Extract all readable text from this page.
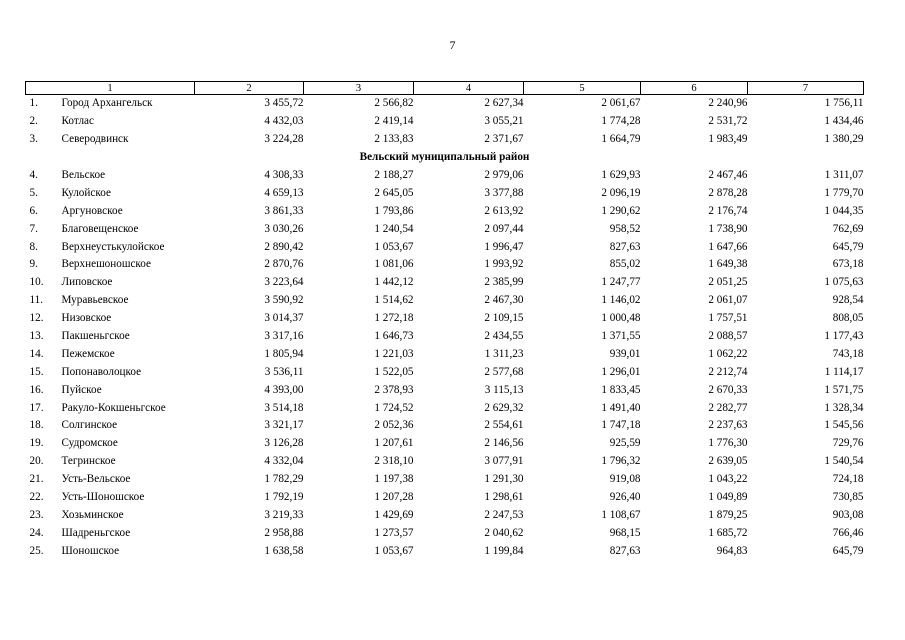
7
1	2	3	4	5	6	7
1. Город Архангельск	3 455,72	2 566,82	2 627,34	2 061,67	2 240,96	1 756,11
2. Котлас	4 432,03	2 419,14	3 055,21	1 774,28	2 531,72	1 434,46
3. Северодвинск	3 224,28	2 133,83	2 371,67	1 664,79	1 983,49	1 380,29
Вельский муниципальный район						
4. Вельское	4 308,33	2 188,27	2 979,06	1 629,93	2 467,46	1 311,07
5. Кулойское	4 659,13	2 645,05	3 377,88	2 096,19	2 878,28	1 779,70
6. Аргуновское	3 861,33	1 793,86	2 613,92	1 290,62	2 176,74	1 044,35
7. Благовещенское	3 030,26	1 240,54	2 097,44	958,52	1 738,90	762,69
8. Верхнеустькулойское	2 890,42	1 053,67	1 996,47	827,63	1 647,66	645,79
9. Верхнешоношское	2 870,76	1 081,06	1 993,92	855,02	1 649,38	673,18
10. Липовское	3 223,64	1 442,12	2 385,99	1 247,77	2 051,25	1 075,63
11. Муравьевское	3 590,92	1 514,62	2 467,30	1 146,02	2 061,07	928,54
12. Низовское	3 014,37	1 272,18	2 109,15	1 000,48	1 757,51	808,05
13. Пакшеньгское	3 317,16	1 646,73	2 434,55	1 371,55	2 088,57	1 177,43
14. Пежемское	1 805,94	1 221,03	1 311,23	939,01	1 062,22	743,18
15. Попонаволоцкое	3 536,11	1 522,05	2 577,68	1 296,01	2 212,74	1 114,17
16. Пуйское	4 393,00	2 378,93	3 115,13	1 833,45	2 670,33	1 571,75
17. Ракуло-Кокшеньгское	3 514,18	1 724,52	2 629,32	1 491,40	2 282,77	1 328,34
18. Солгинское	3 321,17	2 052,36	2 554,61	1 747,18	2 237,63	1 545,56
19. Судромское	3 126,28	1 207,61	2 146,56	925,59	1 776,30	729,76
20. Тегринское	4 332,04	2 318,10	3 077,91	1 796,32	2 639,05	1 540,54
21. Усть-Вельское	1 782,29	1 197,38	1 291,30	919,08	1 043,22	724,18
22. Усть-Шоношское	1 792,19	1 207,28	1 298,61	926,40	1 049,89	730,85
23. Хозьминское	3 219,33	1 429,69	2 247,53	1 108,67	1 879,25	903,08
24. Шадреньгское	2 958,88	1 273,57	2 040,62	968,15	1 685,72	766,46
25. Шоношское	1 638,58	1 053,67	1 199,84	827,63	964,83	645,79
